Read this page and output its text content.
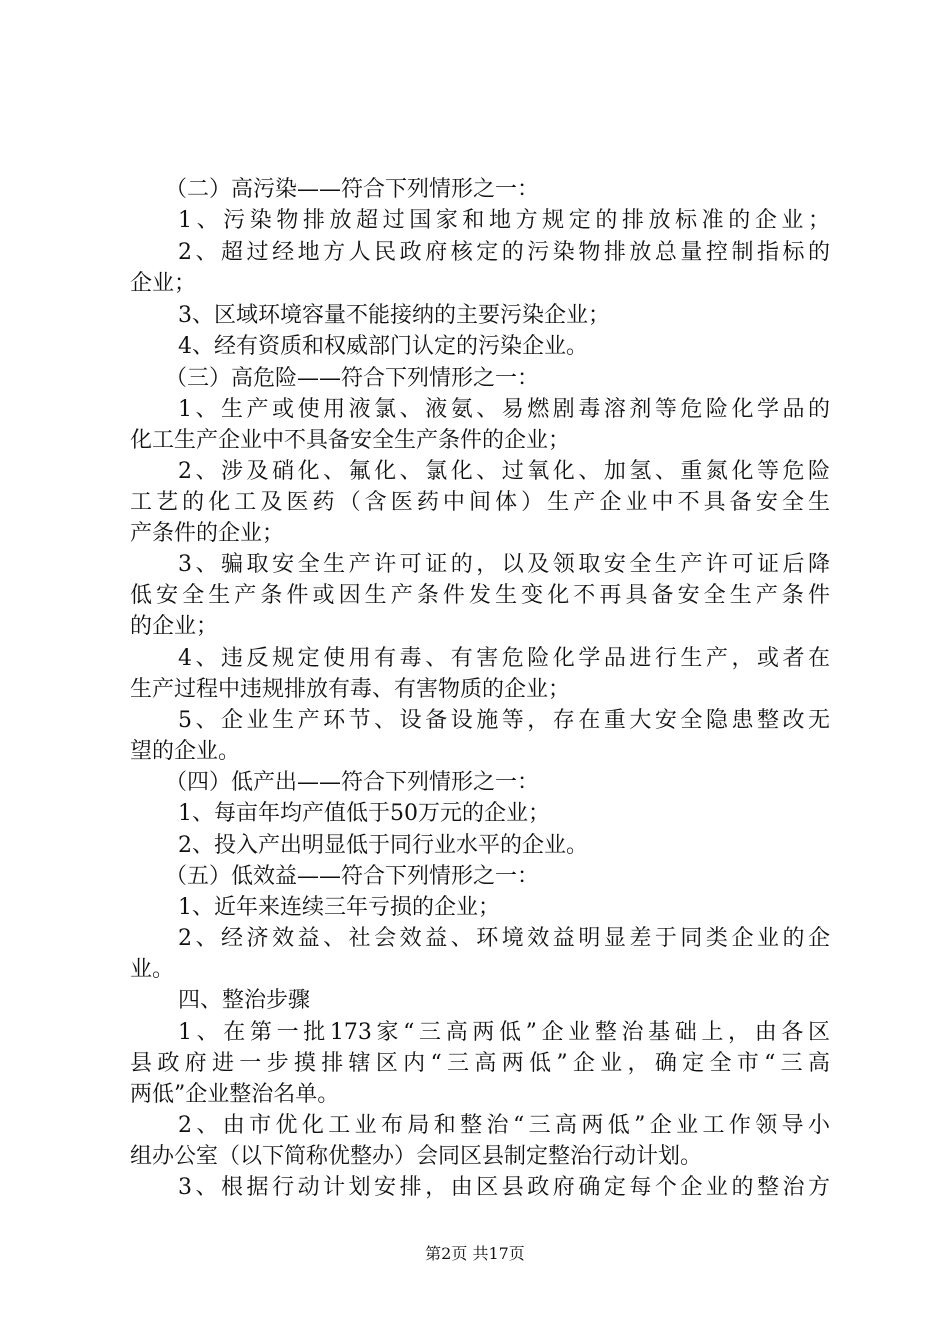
（二）高污染——符合下列情形之一：
1、污染物排放超过国家和地方规定的排放标准的企业；
2、超过经地方人民政府核定的污染物排放总量控制指标的
企业；
3、区域环境容量不能接纳的主要污染企业；
4、经有资质和权威部门认定的污染企业。
（三）高危险——符合下列情形之一：
1、生产或使用液氯、液氨、易燃剧毒溶剂等危险化学品的
化工生产企业中不具备安全生产条件的企业；
2、涉及硝化、氟化、氯化、过氧化、加氢、重氮化等危险
工艺的化工及医药（含医药中间体）生产企业中不具备安全生
产条件的企业；
3、骗取安全生产许可证的，以及领取安全生产许可证后降
低安全生产条件或因生产条件发生变化不再具备安全生产条件
的企业；
4、违反规定使用有毒、有害危险化学品进行生产，或者在
生产过程中违规排放有毒、有害物质的企业；
5、企业生产环节、设备设施等，存在重大安全隐患整改无
望的企业。
（四）低产出——符合下列情形之一：
1、每亩年均产值低于50万元的企业；
2、投入产出明显低于同行业水平的企业。
（五）低效益——符合下列情形之一：
1、近年来连续三年亏损的企业；
2、经济效益、社会效益、环境效益明显差于同类企业的企
业。
四、整治步骤
1、在第一批173家“三高两低”企业整治基础上，由各区
县政府进一步摸排辖区内“三高两低”企业，确定全市“三高
两低”企业整治名单。
2、由市优化工业布局和整治“三高两低”企业工作领导小
组办公室（以下简称优整办）会同区县制定整治行动计划。
3、根据行动计划安排，由区县政府确定每个企业的整治方
第2页 共17页
